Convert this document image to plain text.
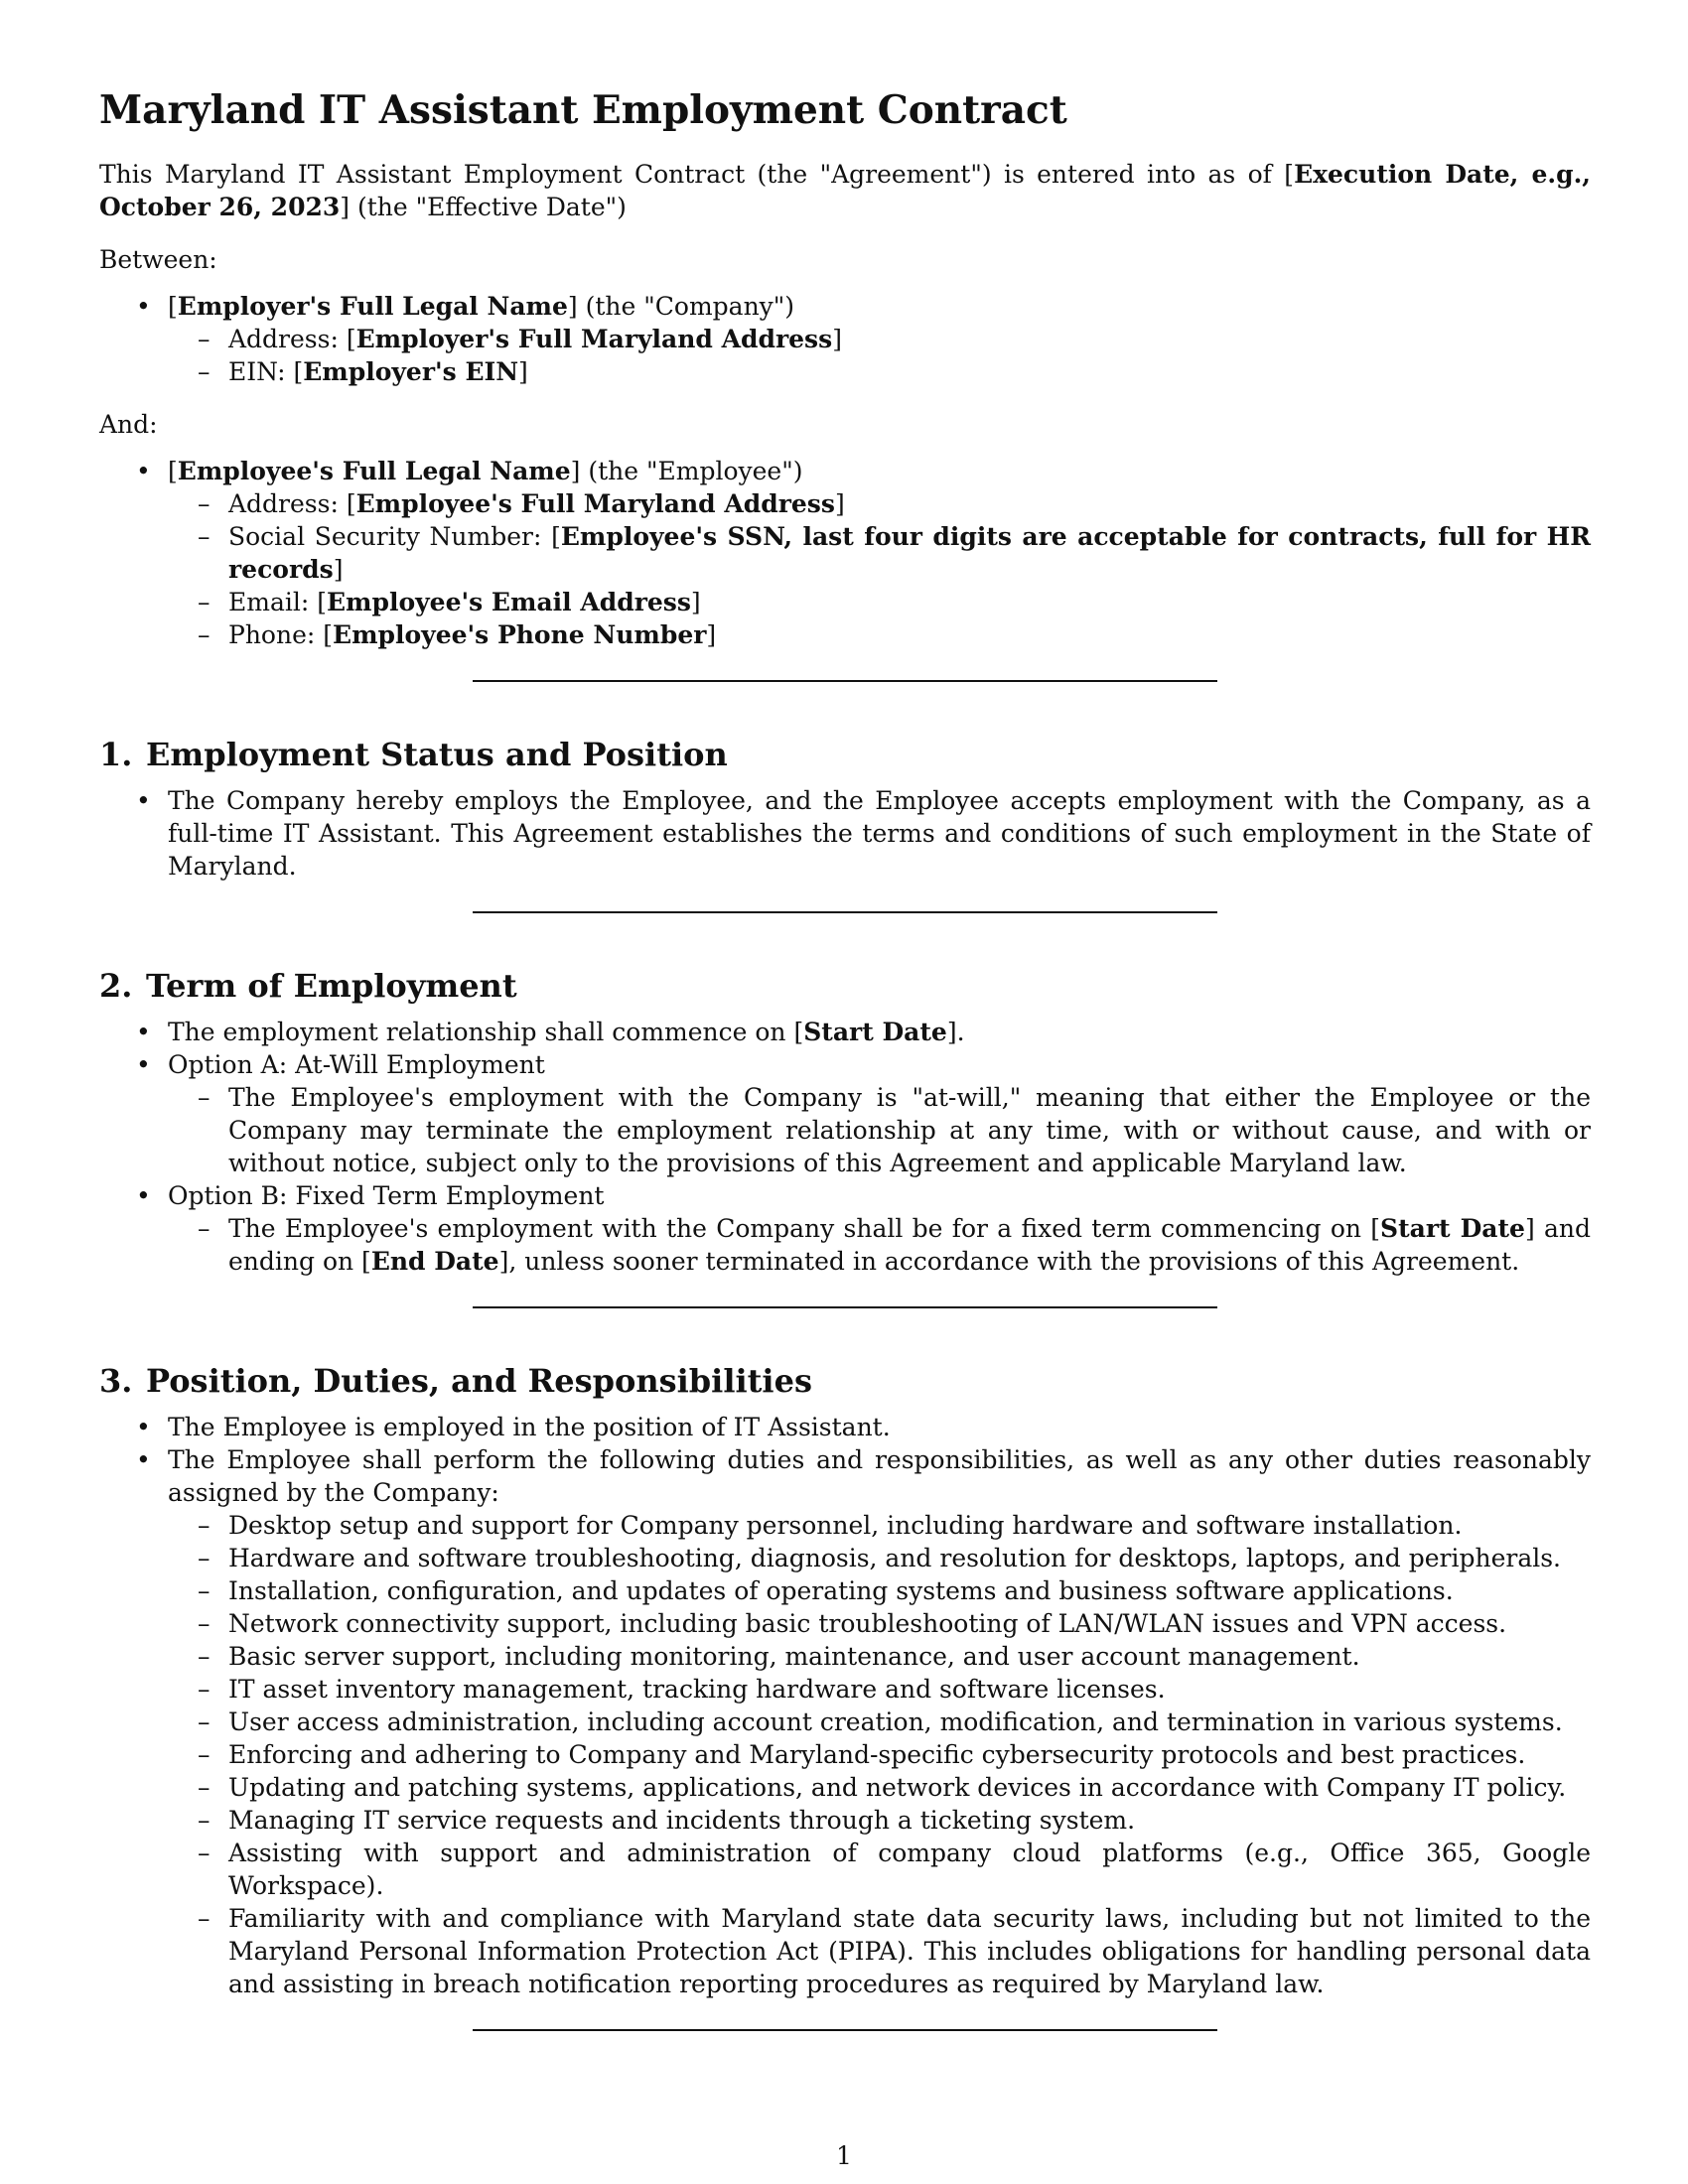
Maryland IT Assistant Employment Contract

This Maryland IT Assistant Employment Contract (the "Agreement") is entered into as of [Execution Date, e.g., October 26, 2023] (the "Effective Date")

Between:

• [Employer's Full Legal Name] (the "Company")
– Address: [Employer's Full Maryland Address]
– EIN: [Employer's EIN]

And:

• [Employee's Full Legal Name] (the "Employee")
– Address: [Employee's Full Maryland Address]
– Social Security Number: [Employee's SSN, last four digits are acceptable for contracts, full for HR records]
– Email: [Employee's Email Address]
– Phone: [Employee's Phone Number]
1. Employment Status and Position
• The Company hereby employs the Employee, and the Employee accepts employment with the Company, as a full-time IT Assistant. This Agreement establishes the terms and conditions of such employment in the State of Maryland.
2. Term of Employment
• The employment relationship shall commence on [Start Date].
• Option A: At-Will Employment
– The Employee's employment with the Company is "at-will," meaning that either the Employee or the Company may terminate the employment relationship at any time, with or without cause, and with or without notice, subject only to the provisions of this Agreement and applicable Maryland law.
• Option B: Fixed Term Employment
– The Employee's employment with the Company shall be for a fixed term commencing on [Start Date] and ending on [End Date], unless sooner terminated in accordance with the provisions of this Agreement.
3. Position, Duties, and Responsibilities
• The Employee is employed in the position of IT Assistant.
• The Employee shall perform the following duties and responsibilities, as well as any other duties reasonably assigned by the Company:
– Desktop setup and support for Company personnel, including hardware and software installation.
– Hardware and software troubleshooting, diagnosis, and resolution for desktops, laptops, and peripherals.
– Installation, configuration, and updates of operating systems and business software applications.
– Network connectivity support, including basic troubleshooting of LAN/WLAN issues and VPN access.
– Basic server support, including monitoring, maintenance, and user account management.
– IT asset inventory management, tracking hardware and software licenses.
– User access administration, including account creation, modification, and termination in various systems.
– Enforcing and adhering to Company and Maryland-specific cybersecurity protocols and best practices.
– Updating and patching systems, applications, and network devices in accordance with Company IT policy.
– Managing IT service requests and incidents through a ticketing system.
– Assisting with support and administration of company cloud platforms (e.g., Office 365, Google Workspace).
– Familiarity with and compliance with Maryland state data security laws, including but not limited to the Maryland Personal Information Protection Act (PIPA). This includes obligations for handling personal data and assisting in breach notification reporting procedures as required by Maryland law.
1
